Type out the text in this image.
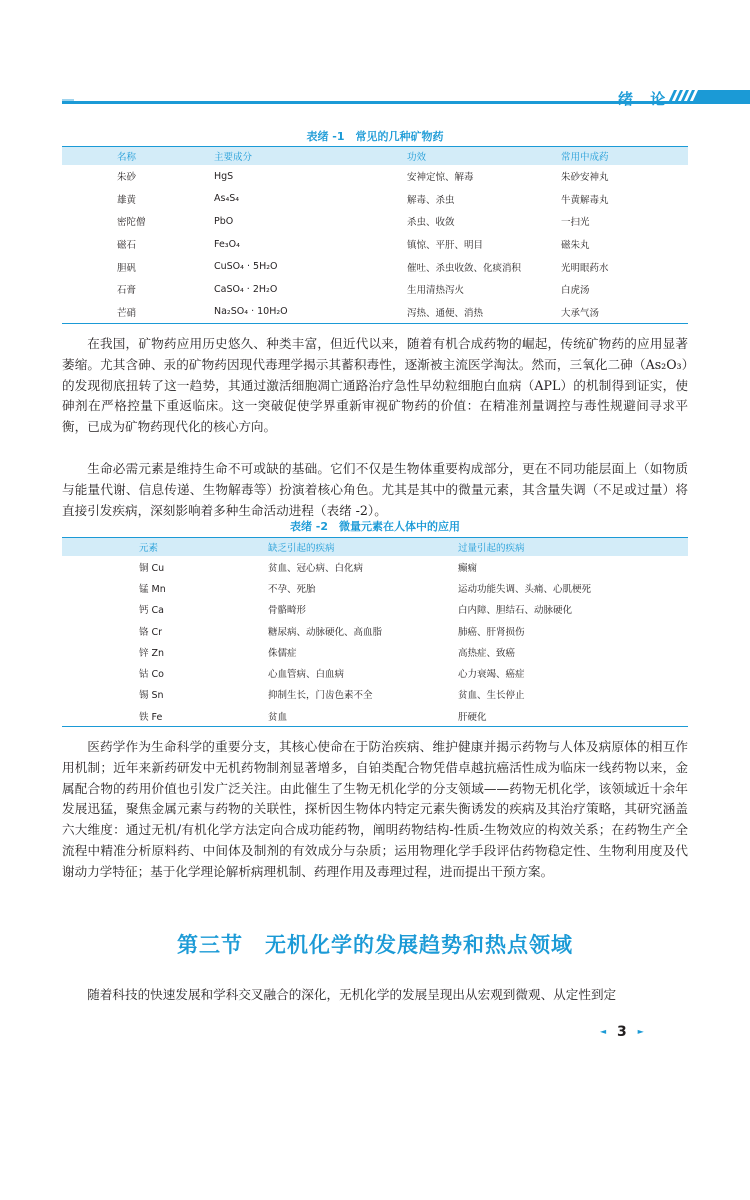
绪 论
表绪 -1　常见的几种矿物药
名称	主要成分	功效	常用中成药
朱砂	HgS	安神定惊、解毒	朱砂安神丸
雄黄	As₄S₄	解毒、杀虫	牛黄解毒丸
密陀僧	PbO	杀虫、收敛	一扫光
磁石	Fe₃O₄	镇惊、平肝、明目	磁朱丸
胆矾	CuSO₄ · 5H₂O	催吐、杀虫收敛、化痰消积	光明眼药水
石膏	CaSO₄ · 2H₂O	生用清热泻火	白虎汤
芒硝	Na₂SO₄ · 10H₂O	泻热、通便、消热	大承气汤

在我国，矿物药应用历史悠久、种类丰富，但近代以来，随着有机合成药物的崛起，传统矿物药的应用显著萎缩。尤其含砷、汞的矿物药因现代毒理学揭示其蓄积毒性，逐渐被主流医学淘汰。然而，三氧化二砷（As₂O₃）的发现彻底扭转了这一趋势，其通过激活细胞凋亡通路治疗急性早幼粒细胞白血病（APL）的机制得到证实，使砷剂在严格控量下重返临床。这一突破促使学界重新审视矿物药的价值：在精准剂量调控与毒性规避间寻求平衡，已成为矿物药现代化的核心方向。

生命必需元素是维持生命不可或缺的基础。它们不仅是生物体重要构成部分，更在不同功能层面上（如物质与能量代谢、信息传递、生物解毒等）扮演着核心角色。尤其是其中的微量元素，其含量失调（不足或过量）将直接引发疾病，深刻影响着多种生命活动进程（表绪 -2）。

表绪 -2　微量元素在人体中的应用
元素	缺乏引起的疾病	过量引起的疾病
铜 Cu	贫血、冠心病、白化病	癫痫
锰 Mn	不孕、死胎	运动功能失调、头痛、心肌梗死
钙 Ca	骨骼畸形	白内障、胆结石、动脉硬化
铬 Cr	糖尿病、动脉硬化、高血脂	肺癌、肝肾损伤
锌 Zn	侏儒症	高热症、致癌
钴 Co	心血管病、白血病	心力衰竭、癌症
锡 Sn	抑制生长，门齿色素不全	贫血、生长停止
铁 Fe	贫血	肝硬化

医药学作为生命科学的重要分支，其核心使命在于防治疾病、维护健康并揭示药物与人体及病原体的相互作用机制；近年来新药研发中无机药物制剂显著增多，自铂类配合物凭借卓越抗癌活性成为临床一线药物以来，金属配合物的药用价值也引发广泛关注。由此催生了生物无机化学的分支领域——药物无机化学，该领域近十余年发展迅猛，聚焦金属元素与药物的关联性，探析因生物体内特定元素失衡诱发的疾病及其治疗策略，其研究涵盖六大维度：通过无机/有机化学方法定向合成功能药物，阐明药物结构-性质-生物效应的构效关系；在药物生产全流程中精准分析原料药、中间体及制剂的有效成分与杂质；运用物理化学手段评估药物稳定性、生物利用度及代谢动力学特征；基于化学理论解析病理机制、药理作用及毒理过程，进而提出干预方案。

第三节　无机化学的发展趋势和热点领域

随着科技的快速发展和学科交叉融合的深化，无机化学的发展呈现出从宏观到微观、从定性到定

◄ 3 ►
